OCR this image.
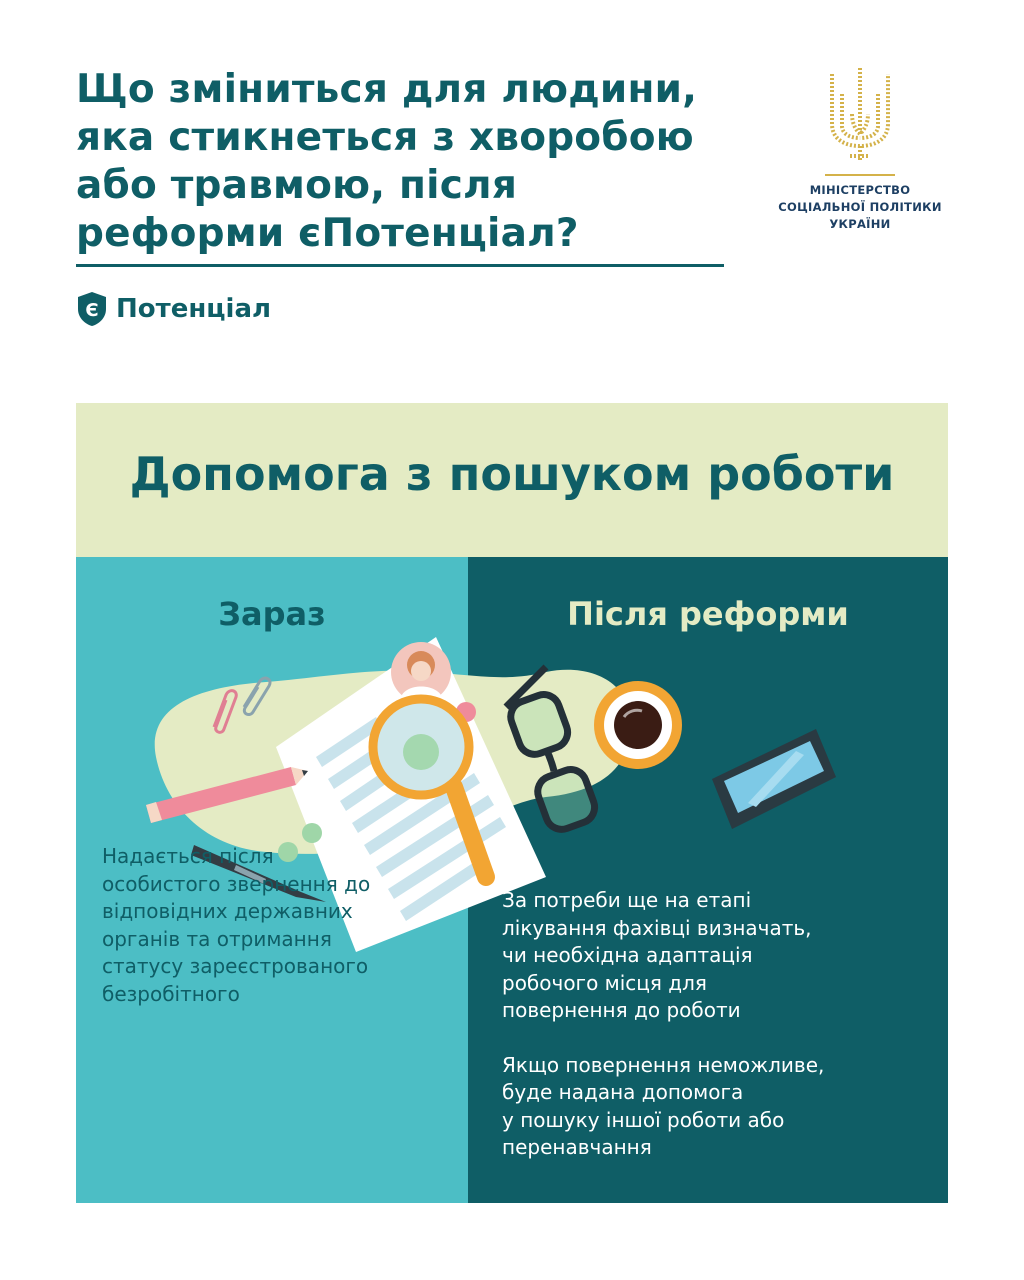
Що зміниться для людини,
яка стикнеться з хворобою
або травмою, після
реформи єПотенціал?
Є Потенціал
МІНІСТЕРСТВО
СОЦІАЛЬНОЇ ПОЛІТИКИ
УКРАЇНИ
Допомога з пошуком роботи
Зараз	Після реформи
Надається після
особистого звернення до
відповідних державних
органів та отримання
статусу зареєстрованого
безробітного
За потреби ще на етапі
лікування фахівці визначать,
чи необхідна адаптація
робочого місця для
повернення до роботи
Якщо повернення неможливе,
буде надана допомога
у пошуку іншої роботи або
перенавчання
